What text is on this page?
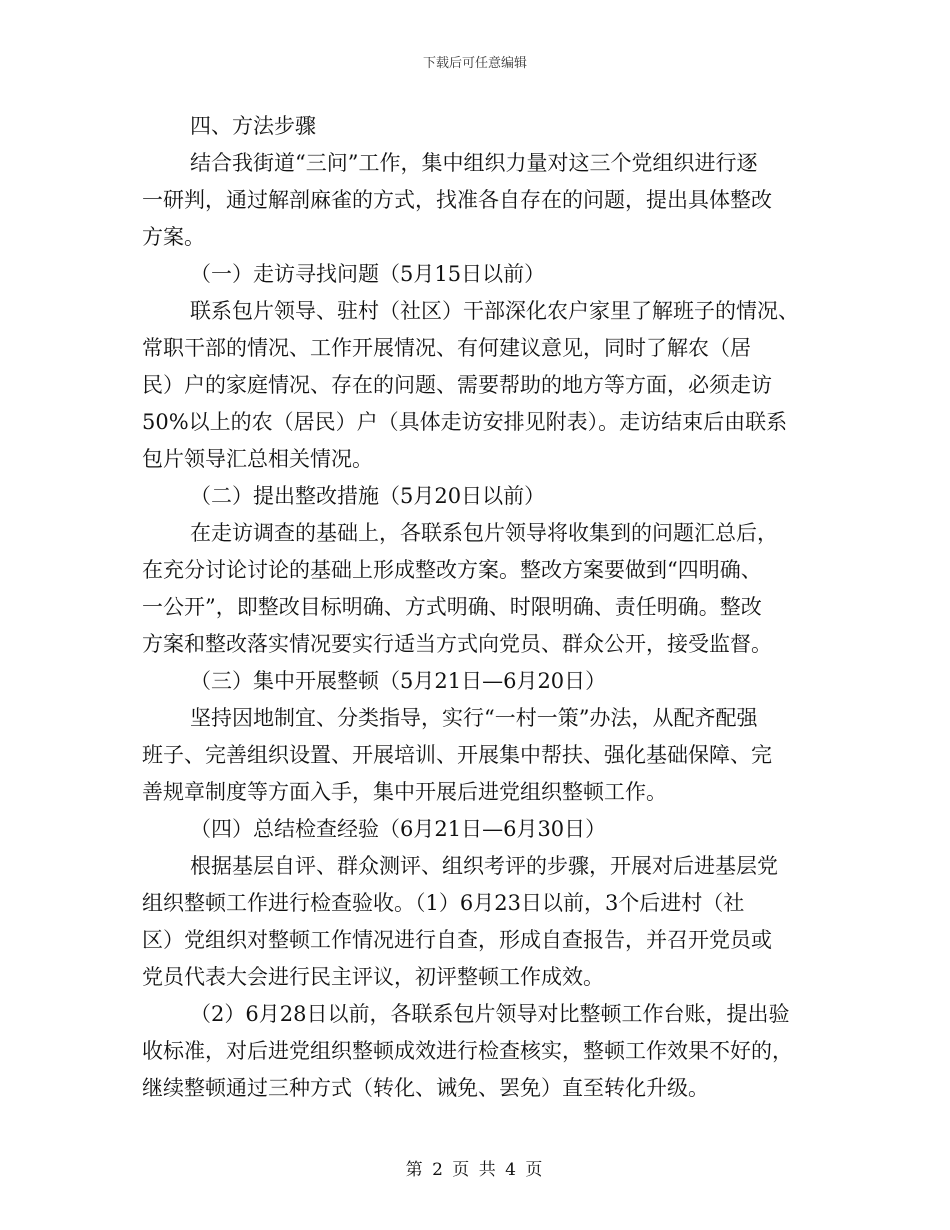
下载后可任意编辑
四、方法步骤
结合我街道“三问”工作，集中组织力量对这三个党组织进行逐
一研判，通过解剖麻雀的方式，找准各自存在的问题，提出具体整改
方案。
（一）走访寻找问题（5月15日以前）
联系包片领导、驻村（社区）干部深化农户家里了解班子的情况、
常职干部的情况、工作开展情况、有何建议意见，同时了解农（居
民）户的家庭情况、存在的问题、需要帮助的地方等方面，必须走访
50%以上的农（居民）户（具体走访安排见附表）。走访结束后由联系
包片领导汇总相关情况。
（二）提出整改措施（5月20日以前）
在走访调查的基础上，各联系包片领导将收集到的问题汇总后，
在充分讨论讨论的基础上形成整改方案。整改方案要做到“四明确、
一公开”，即整改目标明确、方式明确、时限明确、责任明确。整改
方案和整改落实情况要实行适当方式向党员、群众公开，接受监督。
（三）集中开展整顿（5月21日—6月20日）
坚持因地制宜、分类指导，实行“一村一策”办法，从配齐配强
班子、完善组织设置、开展培训、开展集中帮扶、强化基础保障、完
善规章制度等方面入手，集中开展后进党组织整顿工作。
（四）总结检查经验（6月21日—6月30日）
根据基层自评、群众测评、组织考评的步骤，开展对后进基层党
组织整顿工作进行检查验收。（1）6月23日以前，3个后进村（社
区）党组织对整顿工作情况进行自查，形成自查报告，并召开党员或
党员代表大会进行民主评议，初评整顿工作成效。
（2）6月28日以前，各联系包片领导对比整顿工作台账，提出验
收标准，对后进党组织整顿成效进行检查核实，整顿工作效果不好的，
继续整顿通过三种方式（转化、诫免、罢免）直至转化升级。
第 2 页 共 4 页
